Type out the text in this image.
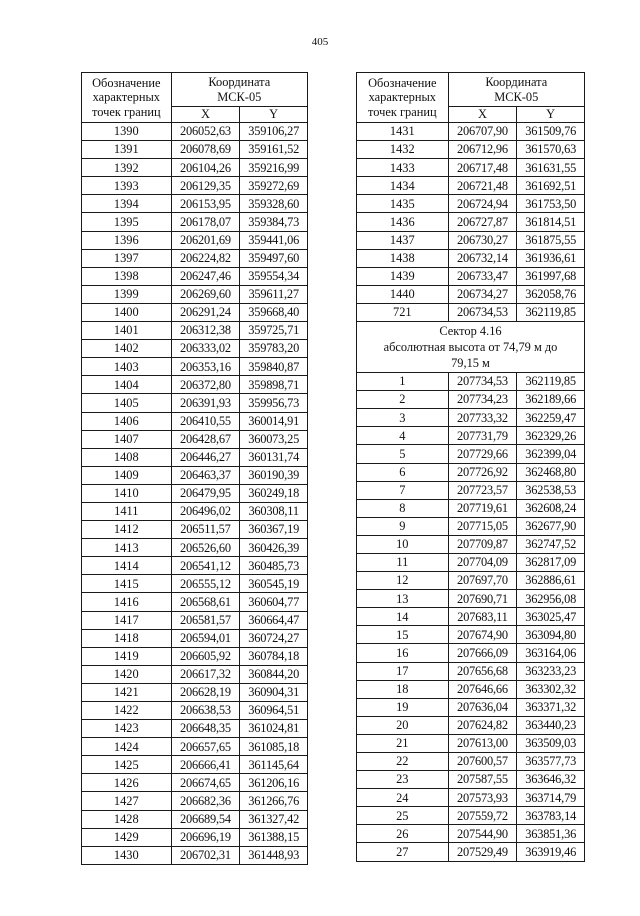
405
Обозначение
характерных
точек границ	Координата
МСК-05	
	X	Y
1390	206052,63	359106,27
1391	206078,69	359161,52
1392	206104,26	359216,99
1393	206129,35	359272,69
1394	206153,95	359328,60
1395	206178,07	359384,73
1396	206201,69	359441,06
1397	206224,82	359497,60
1398	206247,46	359554,34
1399	206269,60	359611,27
1400	206291,24	359668,40
1401	206312,38	359725,71
1402	206333,02	359783,20
1403	206353,16	359840,87
1404	206372,80	359898,71
1405	206391,93	359956,73
1406	206410,55	360014,91
1407	206428,67	360073,25
1408	206446,27	360131,74
1409	206463,37	360190,39
1410	206479,95	360249,18
1411	206496,02	360308,11
1412	206511,57	360367,19
1413	206526,60	360426,39
1414	206541,12	360485,73
1415	206555,12	360545,19
1416	206568,61	360604,77
1417	206581,57	360664,47
1418	206594,01	360724,27
1419	206605,92	360784,18
1420	206617,32	360844,20
1421	206628,19	360904,31
1422	206638,53	360964,51
1423	206648,35	361024,81
1424	206657,65	361085,18
1425	206666,41	361145,64
1426	206674,65	361206,16
1427	206682,36	361266,76
1428	206689,54	361327,42
1429	206696,19	361388,15
1430	206702,31	361448,93
Обозначение
характерных
точек границ	Координата
МСК-05	
	X	Y
1431	206707,90	361509,76
1432	206712,96	361570,63
1433	206717,48	361631,55
1434	206721,48	361692,51
1435	206724,94	361753,50
1436	206727,87	361814,51
1437	206730,27	361875,55
1438	206732,14	361936,61
1439	206733,47	361997,68
1440	206734,27	362058,76
721	206734,53	362119,85
Сектор 4.16
абсолютная высота от 74,79 м до
79,15 м		
1	207734,53	362119,85
2	207734,23	362189,66
3	207733,32	362259,47
4	207731,79	362329,26
5	207729,66	362399,04
6	207726,92	362468,80
7	207723,57	362538,53
8	207719,61	362608,24
9	207715,05	362677,90
10	207709,87	362747,52
11	207704,09	362817,09
12	207697,70	362886,61
13	207690,71	362956,08
14	207683,11	363025,47
15	207674,90	363094,80
16	207666,09	363164,06
17	207656,68	363233,23
18	207646,66	363302,32
19	207636,04	363371,32
20	207624,82	363440,23
21	207613,00	363509,03
22	207600,57	363577,73
23	207587,55	363646,32
24	207573,93	363714,79
25	207559,72	363783,14
26	207544,90	363851,36
27	207529,49	363919,46
